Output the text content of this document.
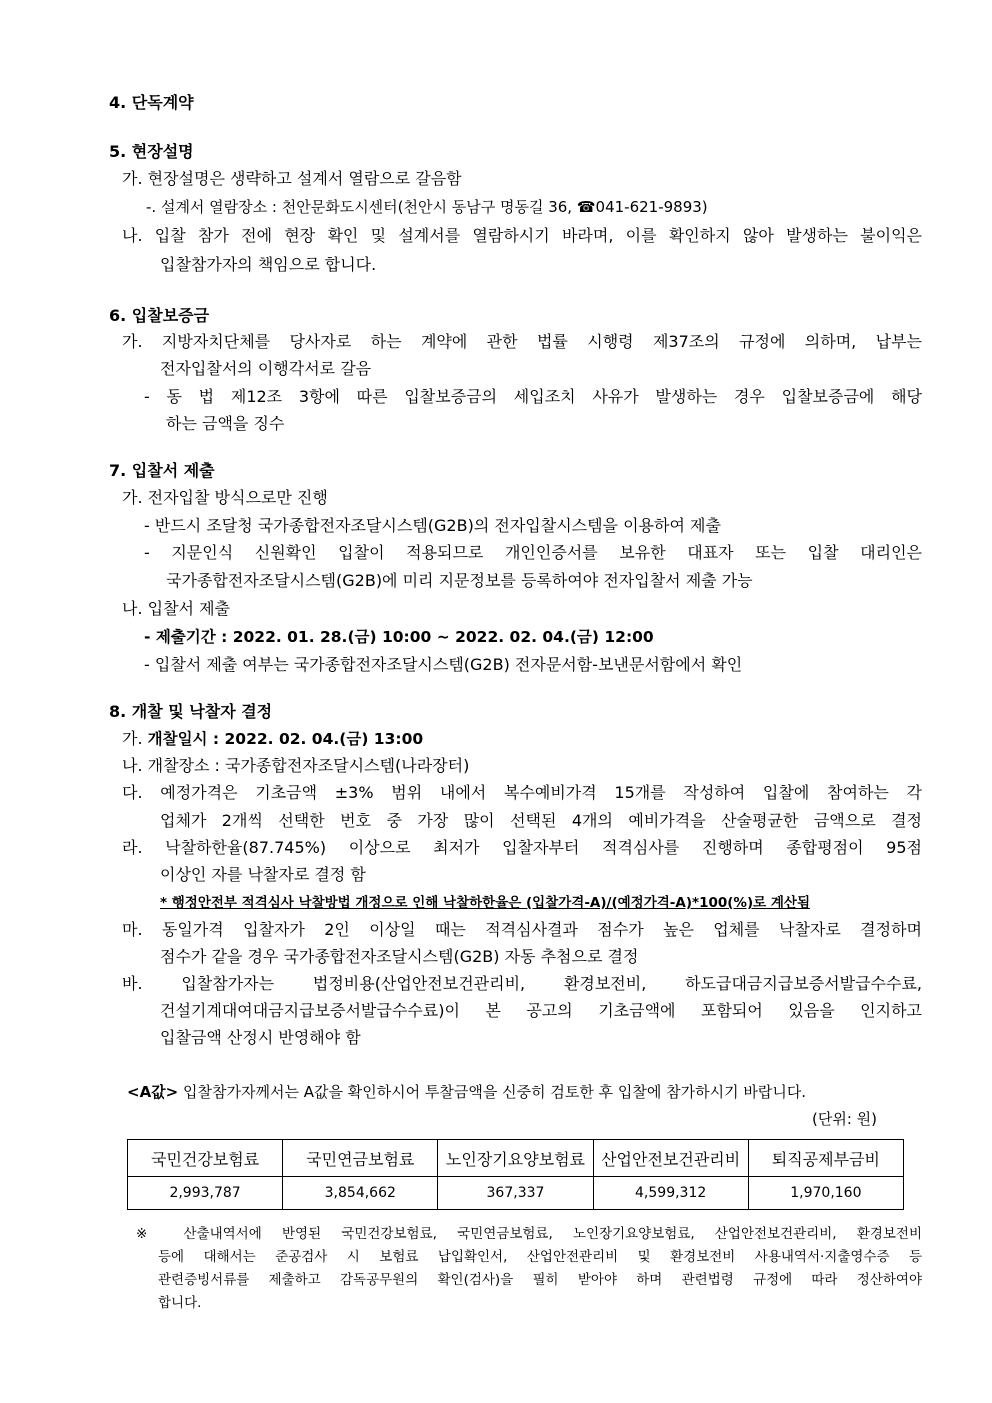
4. 단독계약
5. 현장설명
가. 현장설명은 생략하고 설계서 열람으로 갈음함
-. 설계서 열람장소 : 천안문화도시센터(천안시 동남구 명동길 36, ☎041-621-9893)
나. 입찰 참가 전에 현장 확인 및 설계서를 열람하시기 바라며, 이를 확인하지 않아 발생하는 불이익은
입찰참가자의 책임으로 합니다.
6. 입찰보증금
가. 지방자치단체를 당사자로 하는 계약에 관한 법률 시행령 제37조의 규정에 의하며, 납부는
전자입찰서의 이행각서로 갈음
- 동 법 제12조 3항에 따른 입찰보증금의 세입조치 사유가 발생하는 경우 입찰보증금에 해당
하는 금액을 징수
7. 입찰서 제출
가. 전자입찰 방식으로만 진행
- 반드시 조달청 국가종합전자조달시스템(G2B)의 전자입찰시스템을 이용하여 제출
- 지문인식 신원확인 입찰이 적용되므로 개인인증서를 보유한 대표자 또는 입찰 대리인은
국가종합전자조달시스템(G2B)에 미리 지문정보를 등록하여야 전자입찰서 제출 가능
나. 입찰서 제출
- 제출기간 : 2022. 01. 28.(금) 10:00 ~ 2022. 02. 04.(금) 12:00
- 입찰서 제출 여부는 국가종합전자조달시스템(G2B) 전자문서함-보낸문서함에서 확인
8. 개찰 및 낙찰자 결정
가. 개찰일시 : 2022. 02. 04.(금) 13:00
나. 개찰장소 : 국가종합전자조달시스템(나라장터)
다. 예정가격은 기초금액 ±3% 범위 내에서 복수예비가격 15개를 작성하여 입찰에 참여하는 각
업체가 2개씩 선택한 번호 중 가장 많이 선택된 4개의 예비가격을 산술평균한 금액으로 결정
라. 낙찰하한율(87.745%) 이상으로 최저가 입찰자부터 적격심사를 진행하며 종합평점이 95점
이상인 자를 낙찰자로 결정 함
* 행정안전부 적격심사 낙찰방법 개정으로 인해 낙찰하한율은 (입찰가격-A)/(예정가격-A)*100(%)로 계산됨
마. 동일가격 입찰자가 2인 이상일 때는 적격심사결과 점수가 높은 업체를 낙찰자로 결정하며
점수가 같을 경우 국가종합전자조달시스템(G2B) 자동 추첨으로 결정
바. 입찰참가자는 법정비용(산업안전보건관리비, 환경보전비, 하도급대금지급보증서발급수수료,
건설기계대여대금지급보증서발급수수료)이 본 공고의 기초금액에 포함되어 있음을 인지하고
입찰금액 산정시 반영해야 함
<A값> 입찰참가자께서는 A값을 확인하시어 투찰금액을 신중히 검토한 후 입찰에 참가하시기 바랍니다.
(단위: 원)
국민건강보험료	국민연금보험료	노인장기요양보험료	산업안전보건관리비	퇴직공제부금비
2,993,787	3,854,662	367,337	4,599,312	1,970,160
※ 산출내역서에 반영된 국민건강보험료, 국민연금보험료, 노인장기요양보험료, 산업안전보건관리비, 환경보전비
등에 대해서는 준공검사 시 보험료 납입확인서, 산업안전관리비 및 환경보전비 사용내역서·지출영수증 등
관련증빙서류를 제출하고 감독공무원의 확인(검사)을 필히 받아야 하며 관련법령 규정에 따라 정산하여야
합니다.
